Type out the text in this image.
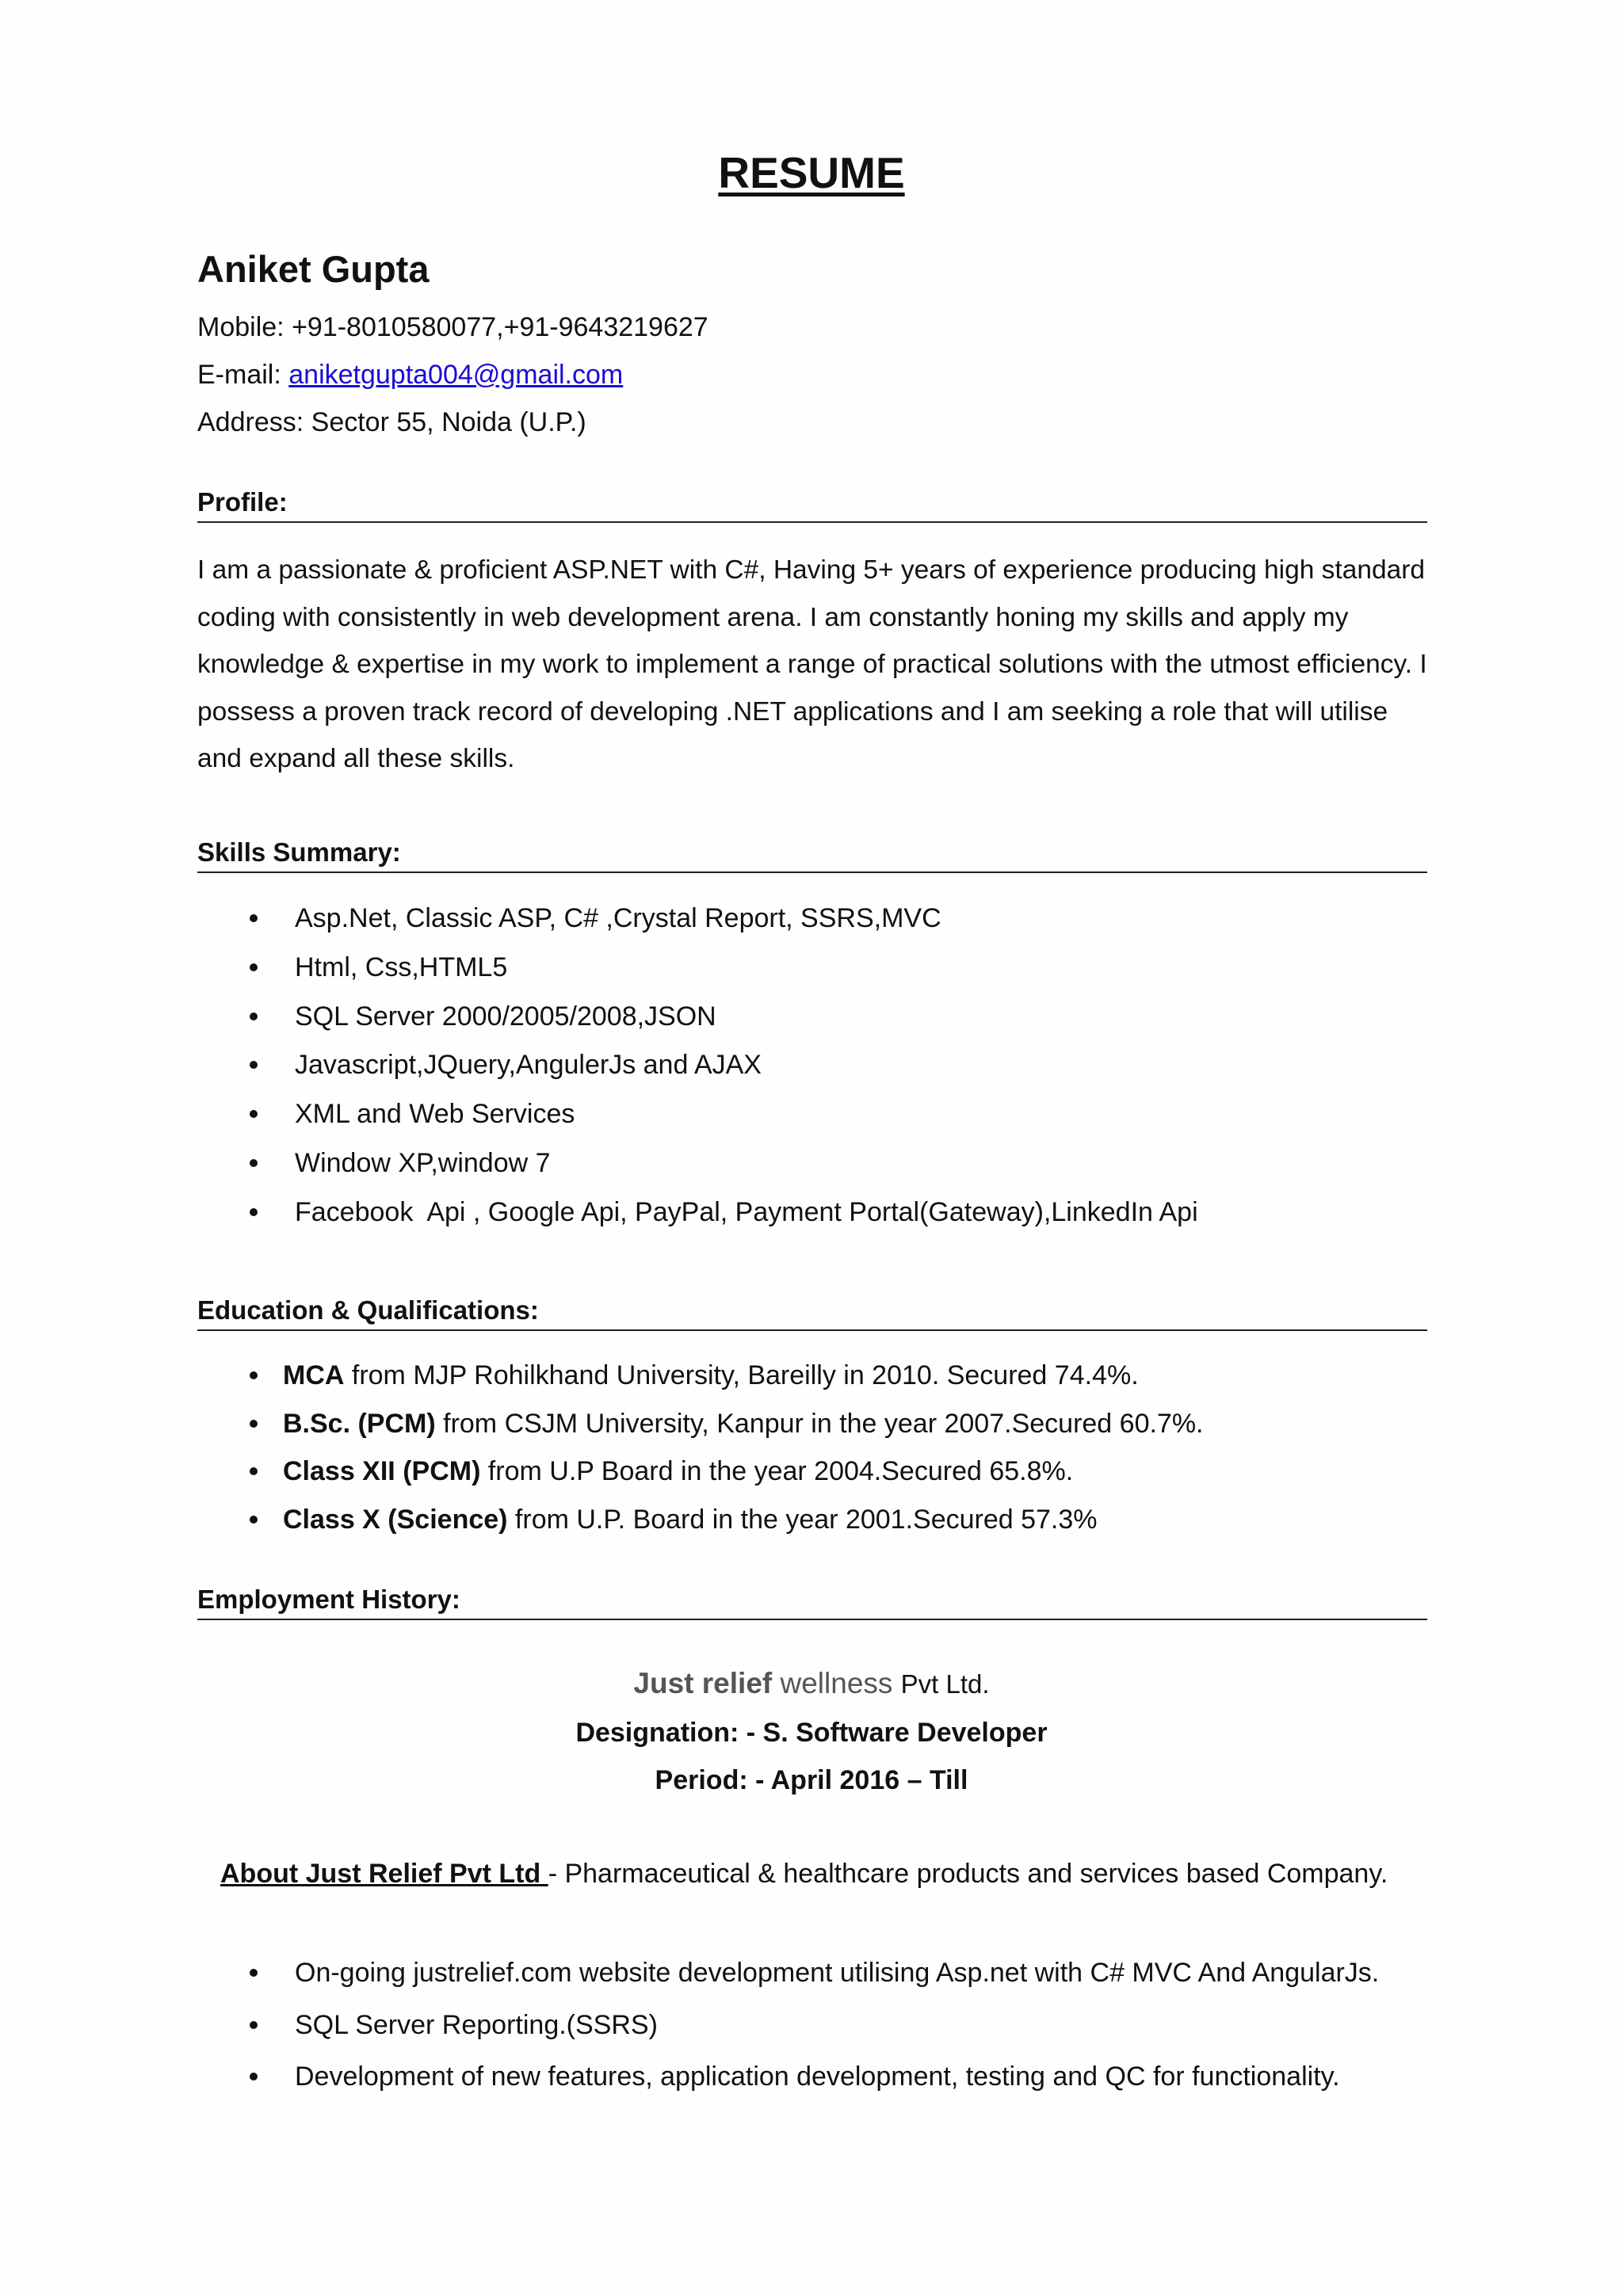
RESUME
Aniket Gupta
Mobile: +91-8010580077,+91-9643219627
E-mail: aniketgupta004@gmail.com
Address: Sector 55, Noida (U.P.)
Profile:

I am a passionate & proficient ASP.NET with C#, Having 5+ years of experience producing high standard coding with consistently in web development arena. I am constantly honing my skills and apply my knowledge & expertise in my work to implement a range of practical solutions with the utmost efficiency. I possess a proven track record of developing .NET applications and I am seeking a role that will utilise and expand all these skills.

Skills Summary:
Asp.Net, Classic ASP, C# ,Crystal Report, SSRS,MVC
Html, Css,HTML5
SQL Server 2000/2005/2008,JSON
Javascript,JQuery,AngulerJs and AJAX
XML and Web Services
Window XP,window 7
Facebook  Api , Google Api, PayPal, Payment Portal(Gateway),LinkedIn Api
Education & Qualifications:
MCA from MJP Rohilkhand University, Bareilly in 2010. Secured 74.4%.
B.Sc. (PCM) from CSJM University, Kanpur in the year 2007.Secured 60.7%.
Class XII (PCM) from U.P Board in the year 2004.Secured 65.8%.
Class X (Science) from U.P. Board in the year 2001.Secured 57.3%
Employment History:
Just relief wellness Pvt Ltd.
Designation: - S. Software Developer
Period: - April 2016 – Till
About Just Relief Pvt Ltd - Pharmaceutical & healthcare products and services based Company.
On-going justrelief.com website development utilising Asp.net with C# MVC And AngularJs.
SQL Server Reporting.(SSRS)
Development of new features, application development, testing and QC for functionality.
